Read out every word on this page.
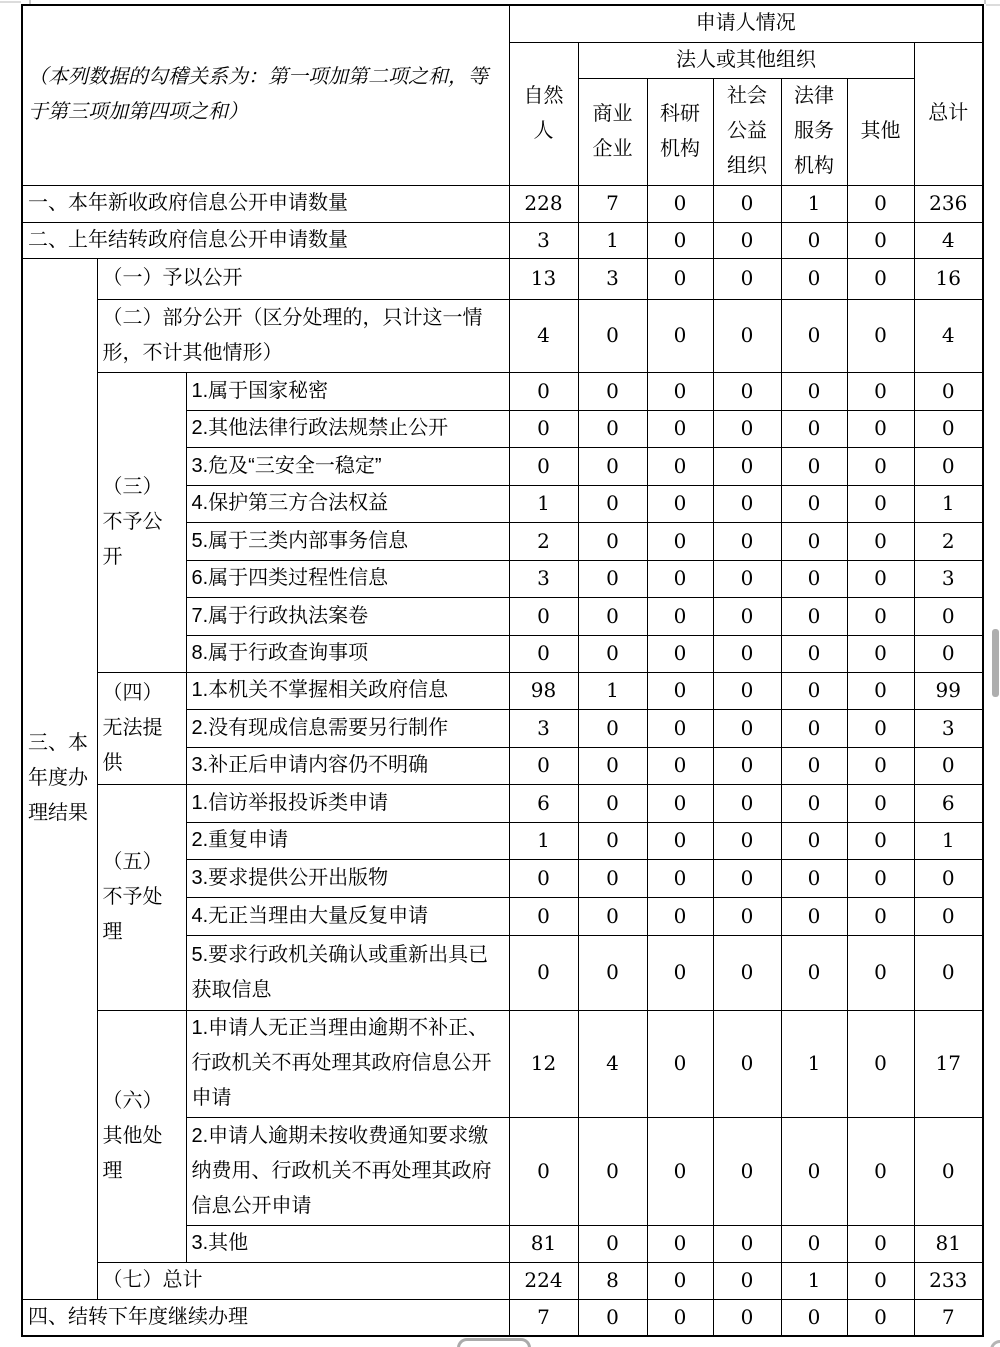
（本列数据的勾稽关系为：第一项加第二项之和，等于第三项加第四项之和）			申请人情况						
			自然人	法人或其他组织					总计
				商业企业	科研机构	社会公益组织	法律服务机构	其他	
一、本年新收政府信息公开申请数量			228	7	0	0	1	0	236
二、上年结转政府信息公开申请数量			3	1	0	0	0	0	4
三、本年度办理结果	（一）予以公开		13	3	0	0	0	0	16
	（二）部分公开（区分处理的，只计这一情形，不计其他情形）		4	0	0	0	0	0	4
	（三）不予公开	1.属于国家秘密	0	0	0	0	0	0	0
		2.其他法律行政法规禁止公开	0	0	0	0	0	0	0
		3.危及“三安全一稳定”	0	0	0	0	0	0	0
		4.保护第三方合法权益	1	0	0	0	0	0	1
		5.属于三类内部事务信息	2	0	0	0	0	0	2
		6.属于四类过程性信息	3	0	0	0	0	0	3
		7.属于行政执法案卷	0	0	0	0	0	0	0
		8.属于行政查询事项	0	0	0	0	0	0	0
	（四）无法提供	1.本机关不掌握相关政府信息	98	1	0	0	0	0	99
		2.没有现成信息需要另行制作	3	0	0	0	0	0	3
		3.补正后申请内容仍不明确	0	0	0	0	0	0	0
	（五）不予处理	1.信访举报投诉类申请	6	0	0	0	0	0	6
		2.重复申请	1	0	0	0	0	0	1
		3.要求提供公开出版物	0	0	0	0	0	0	0
		4.无正当理由大量反复申请	0	0	0	0	0	0	0
		5.要求行政机关确认或重新出具已获取信息	0	0	0	0	0	0	0
	（六）其他处理	1.申请人无正当理由逾期不补正、行政机关不再处理其政府信息公开申请	12	4	0	0	1	0	17
		2.申请人逾期未按收费通知要求缴纳费用、行政机关不再处理其政府信息公开申请	0	0	0	0	0	0	0
		3.其他	81	0	0	0	0	0	81
	（七）总计		224	8	0	0	1	0	233
四、结转下年度继续办理			7	0	0	0	0	0	7
